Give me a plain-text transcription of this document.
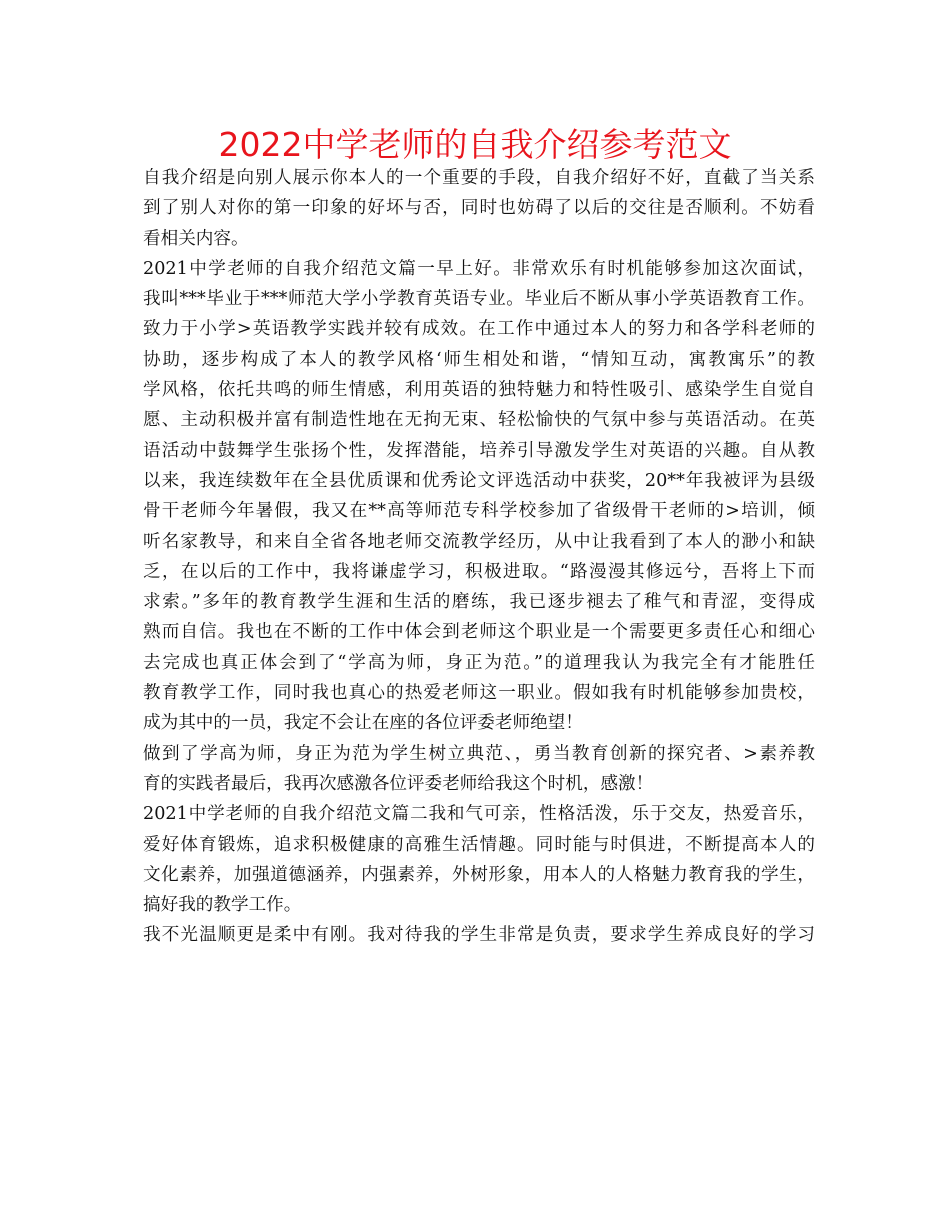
2022中学老师的自我介绍参考范文

自我介绍是向别人展示你本人的一个重要的手段，自我介绍好不好，直截了当关系
到了别人对你的第一印象的好坏与否，同时也妨碍了以后的交往是否顺利。不妨看
看相关内容。

2021中学老师的自我介绍范文篇一早上好。非常欢乐有时机能够参加这次面试，
我叫***毕业于***师范大学小学教育英语专业。毕业后不断从事小学英语教育工作。
致力于小学>英语教学实践并较有成效。在工作中通过本人的努力和各学科老师的
协助，逐步构成了本人的教学风格‘师生相处和谐，“情知互动，寓教寓乐”的教
学风格，依托共鸣的师生情感，利用英语的独特魅力和特性吸引、感染学生自觉自
愿、主动积极并富有制造性地在无拘无束、轻松愉快的气氛中参与英语活动。在英
语活动中鼓舞学生张扬个性，发挥潜能，培养引导激发学生对英语的兴趣。自从教
以来，我连续数年在全县优质课和优秀论文评选活动中获奖，20**年我被评为县级
骨干老师今年暑假，我又在**高等师范专科学校参加了省级骨干老师的>培训，倾
听名家教导，和来自全省各地老师交流教学经历，从中让我看到了本人的渺小和缺
乏，在以后的工作中，我将谦虚学习，积极进取。“路漫漫其修远兮，吾将上下而
求索。”多年的教育教学生涯和生活的磨练，我已逐步褪去了稚气和青涩，变得成
熟而自信。我也在不断的工作中体会到老师这个职业是一个需要更多责任心和细心
去完成也真正体会到了“学高为师，身正为范。”的道理我认为我完全有才能胜任
教育教学工作，同时我也真心的热爱老师这一职业。假如我有时机能够参加贵校，
成为其中的一员，我定不会让在座的各位评委老师绝望！

做到了学高为师，身正为范为学生树立典范、，勇当教育创新的探究者、>素养教
育的实践者最后，我再次感激各位评委老师给我这个时机，感激！

2021中学老师的自我介绍范文篇二我和气可亲，性格活泼，乐于交友，热爱音乐，
爱好体育锻炼，追求积极健康的高雅生活情趣。同时能与时俱进，不断提高本人的
文化素养，加强道德涵养，内强素养，外树形象，用本人的人格魅力教育我的学生，
搞好我的教学工作。

我不光温顺更是柔中有刚。我对待我的学生非常是负责，要求学生养成良好的学习
